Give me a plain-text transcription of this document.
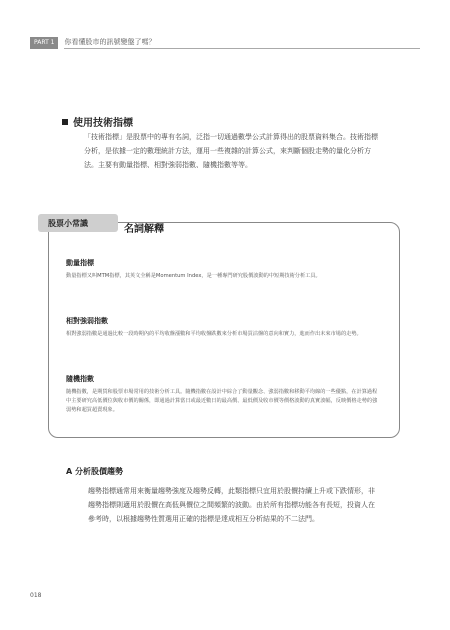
PART 1	你看懂股市的訊號變盤了嗎？
使用技術指標
「技術指標」是股票中的專有名詞，泛指一切通過數學公式計算得出的股票資料集合。技術指標分析，是依據一定的數理統計方法，運用一些複雜的計算公式，來判斷個股走勢的量化分析方法。主要有動量指標、相對強弱指數、隨機指數等等。
股票小常識
名詞解釋
動量指標
動量指標又叫MTM指標，其英文全稱是Momentum Index，是一種專門研究股價波動的中短期技術分析工具。
相對強弱指數
相對強弱指數是通過比較一段時期內的平均收盤漲數和平均收盤跌數來分析市場買沽盤的意向和實力，進而作出未來市場的走勢。
隨機指數
隨機指數，是期貨和股票市場常用的技術分析工具。隨機指數在設計中綜合了動量觀念、強弱指數和移動平均線的一些優點，在計算過程中主要研究高低價位與收市價的關係，即通過計算當日或最近數日的最高價、最低價及收市價等價格波動的真實波幅，反映價格走勢的強弱勢和超買超賣現象。
A 分析股價趨勢
趨勢指標通常用來衡量趨勢強度及趨勢反轉，此類指標只宜用於股價持續上升或下跌情形，非趨勢指標則適用於股價在高低與價位之間頻繁的波動。由於所有指標功能各有長短，投資人在參考時，以根據趨勢性質選用正確的指標是達成相互分析結果的不二法門。
018
